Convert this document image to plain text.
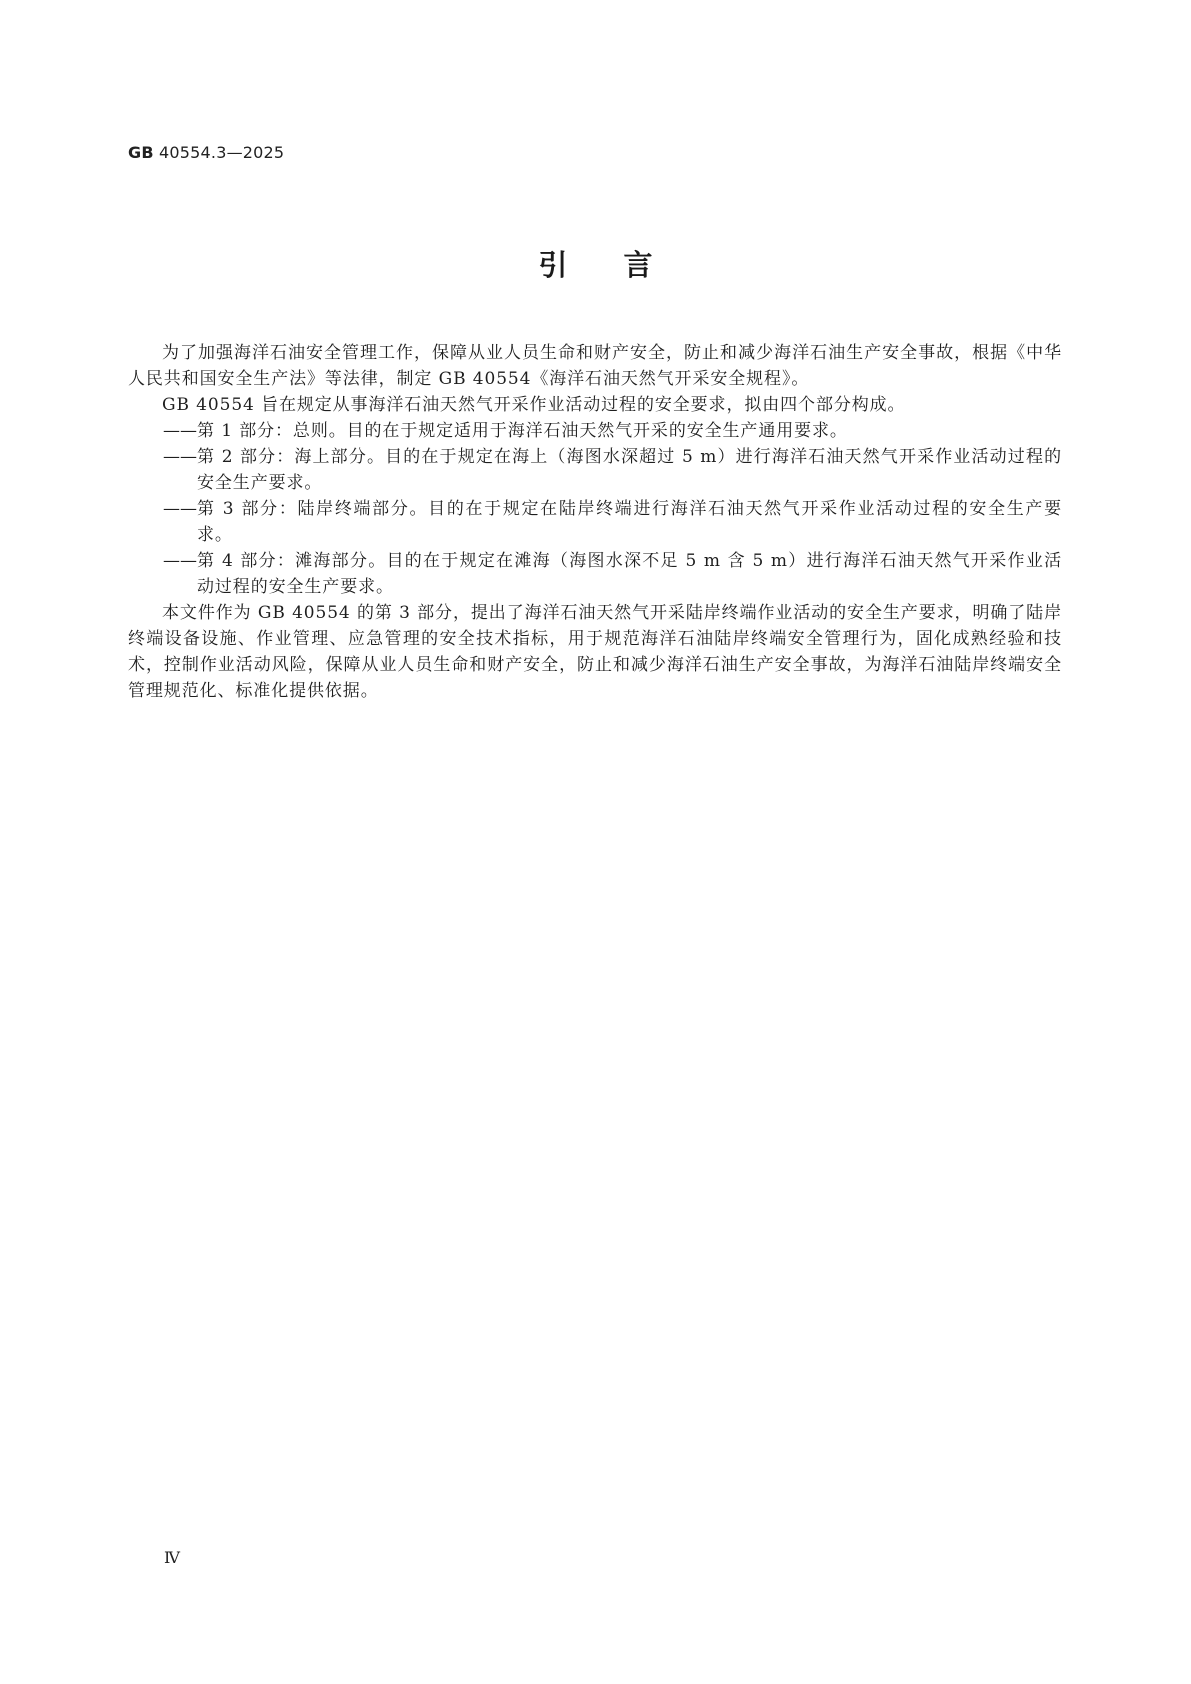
GB 40554.3—2025
引言

为了加强海洋石油安全管理工作，保障从业人员生命和财产安全，防止和减少海洋石油生产安全事故，根据《中华人民共和国安全生产法》等法律，制定 GB 40554《海洋石油天然气开采安全规程》。

GB 40554 旨在规定从事海洋石油天然气开采作业活动过程的安全要求，拟由四个部分构成。

—— 第 1 部分：总则。目的在于规定适用于海洋石油天然气开采的安全生产通用要求。
—— 第 2 部分：海上部分。目的在于规定在海上（海图水深超过 5 m）进行海洋石油天然气开采作业活动过程的安全生产要求。
—— 第 3 部分：陆岸终端部分。目的在于规定在陆岸终端进行海洋石油天然气开采作业活动过程的安全生产要求。
—— 第 4 部分：滩海部分。目的在于规定在滩海（海图水深不足 5 m 含 5 m）进行海洋石油天然气开采作业活动过程的安全生产要求。

本文件作为 GB 40554 的第 3 部分，提出了海洋石油天然气开采陆岸终端作业活动的安全生产要求，明确了陆岸终端设备设施、作业管理、应急管理的安全技术指标，用于规范海洋石油陆岸终端安全管理行为，固化成熟经验和技术，控制作业活动风险，保障从业人员生命和财产安全，防止和减少海洋石油生产安全事故，为海洋石油陆岸终端安全管理规范化、标准化提供依据。

Ⅳ
